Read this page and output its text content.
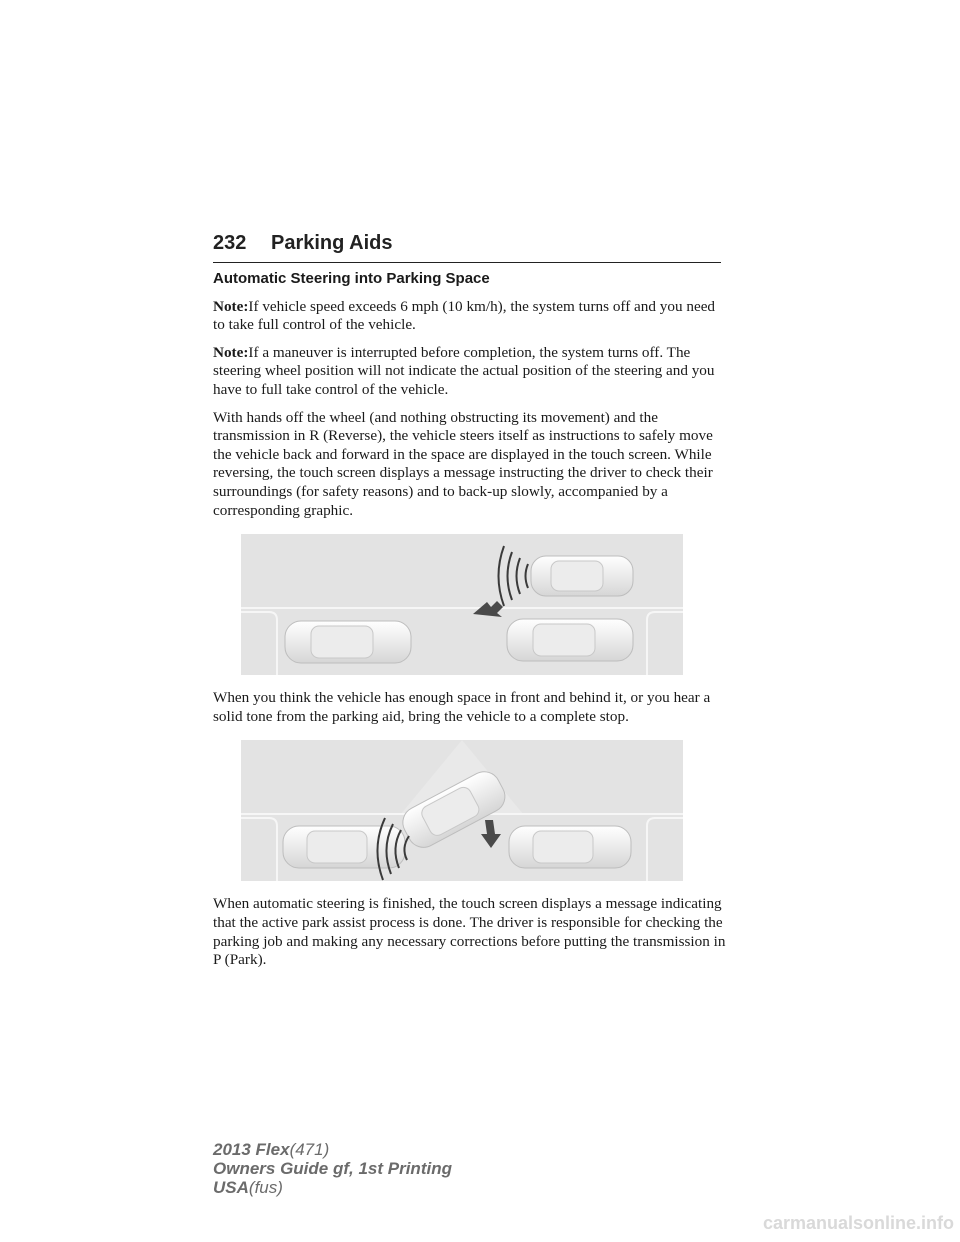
232 Parking Aids

Automatic Steering into Parking Space

Note:If vehicle speed exceeds 6 mph (10 km/h), the system turns off and you need to take full control of the vehicle.

Note:If a maneuver is interrupted before completion, the system turns off. The steering wheel position will not indicate the actual position of the steering and you have to full take control of the vehicle.

With hands off the wheel (and nothing obstructing its movement) and the transmission in R (Reverse), the vehicle steers itself as instructions to safely move the vehicle back and forward in the space are displayed in the touch screen. While reversing, the touch screen displays a message instructing the driver to check their surroundings (for safety reasons) and to back-up slowly, accompanied by a corresponding graphic.

When you think the vehicle has enough space in front and behind it, or you hear a solid tone from the parking aid, bring the vehicle to a complete stop.

When automatic steering is finished, the touch screen displays a message indicating that the active park assist process is done. The driver is responsible for checking the parking job and making any necessary corrections before putting the transmission in P (Park).

2013 Flex(471)
Owners Guide gf, 1st Printing
USA(fus)
carmanualsonline.info
